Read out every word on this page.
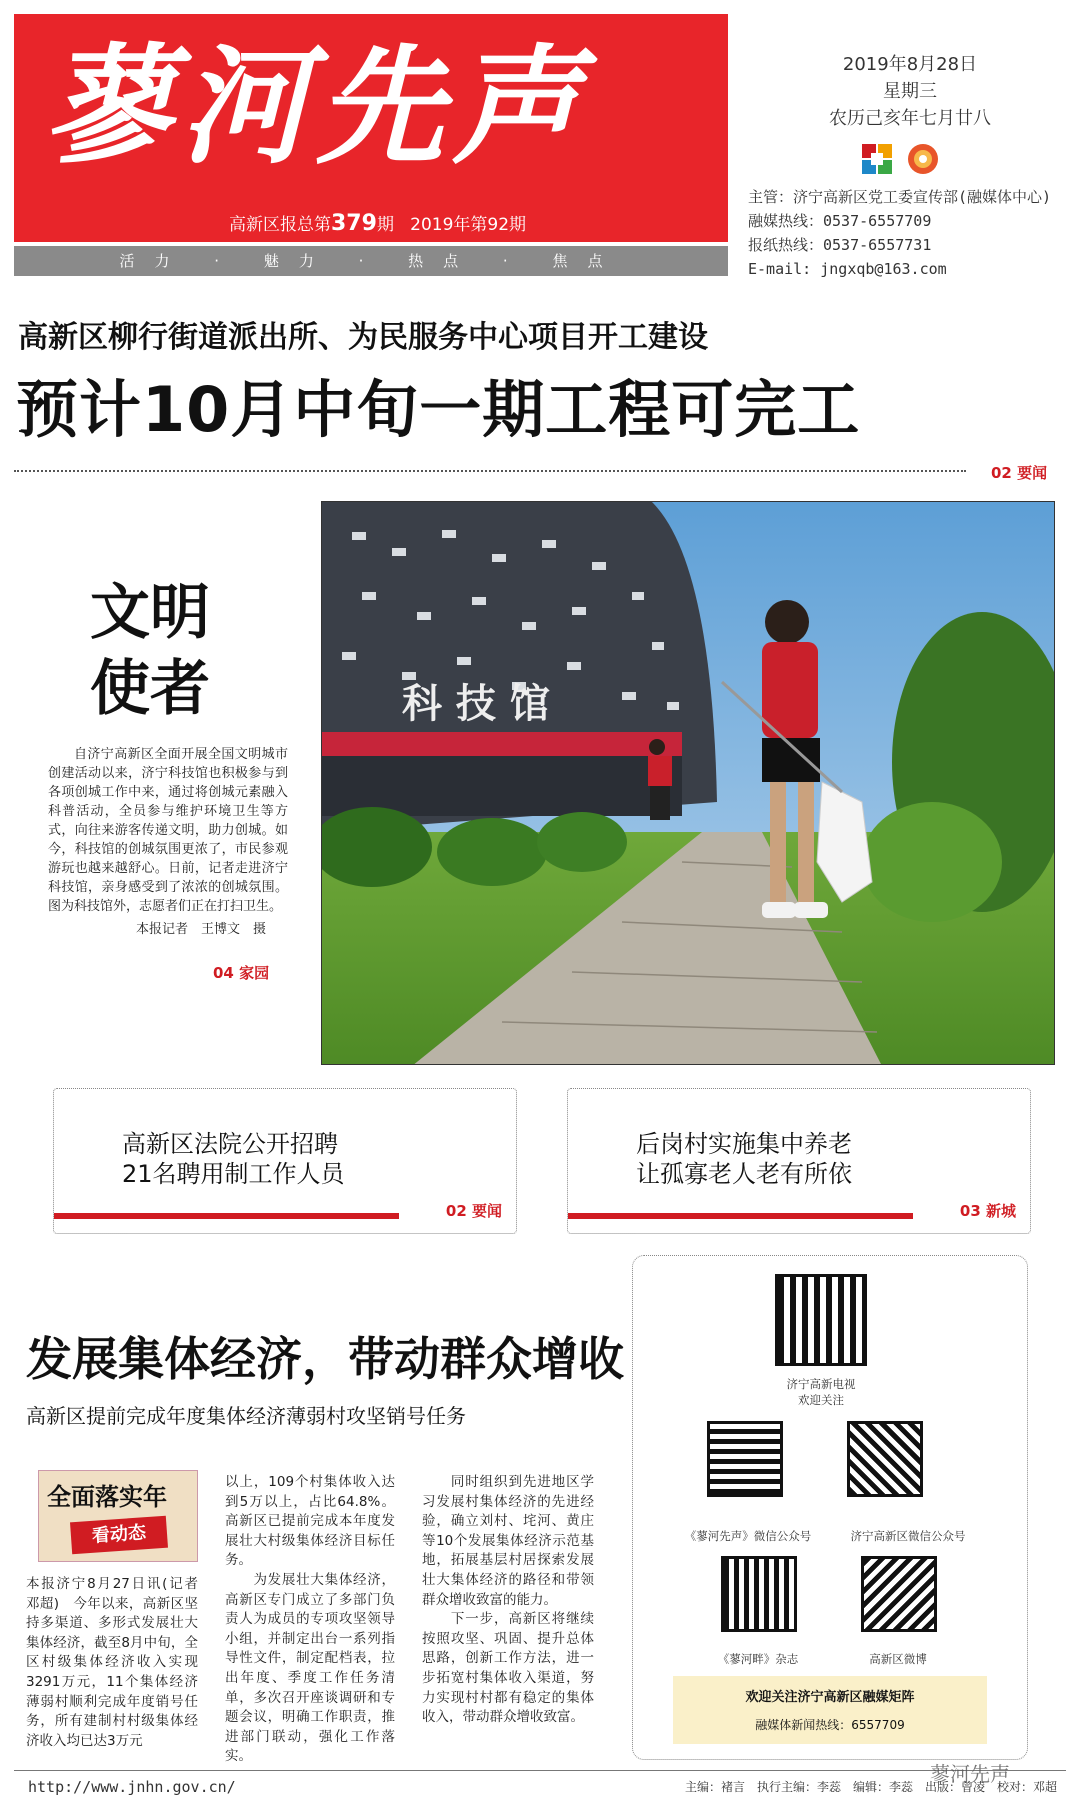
蓼河先声
高新区报总第379期 2019年第92期
活力 · 魅力 · 热点 · 焦点
2019年8月28日
星期三
农历己亥年七月廿八
主管：济宁高新区党工委宣传部(融媒体中心)
融媒热线：0537-6557709
报纸热线：0537-6557731
E-mail: jngxqb@163.com
高新区柳行街道派出所、为民服务中心项目开工建设
预计10月中旬一期工程可完工
02 要闻
文明
使者
自济宁高新区全面开展全国文明城市创建活动以来，济宁科技馆也积极参与到各项创城工作中来，通过将创城元素融入科普活动，全员参与维护环境卫生等方式，向往来游客传递文明，助力创城。如今，科技馆的创城氛围更浓了，市民参观游玩也越来越舒心。日前，记者走进济宁科技馆，亲身感受到了浓浓的创城氛围。图为科技馆外，志愿者们正在打扫卫生。
本报记者　王博文　摄
04 家园
科 技 馆
高新区法院公开招聘
21名聘用制工作人员
02 要闻
后岗村实施集中养老
让孤寡老人老有所依
03 新城
发展集体经济，带动群众增收
高新区提前完成年度集体经济薄弱村攻坚销号任务
全面落实年
看动态
本报济宁8月27日讯(记者　邓超)　今年以来，高新区坚持多渠道、多形式发展壮大集体经济，截至8月中旬，全区村级集体经济收入实现3291万元，11个集体经济薄弱村顺利完成年度销号任务，所有建制村村级集体经济收入均已达3万元
以上，109个村集体收入达到5万以上，占比64.8%。高新区已提前完成本年度发展壮大村级集体经济目标任务。
　　为发展壮大集体经济，高新区专门成立了多部门负责人为成员的专项攻坚领导小组，并制定出台一系列指导性文件，制定配档表，拉出年度、季度工作任务清单，多次召开座谈调研和专题会议，明确工作职责，推进部门联动，强化工作落实。
　　同时组织到先进地区学习发展村集体经济的先进经验，确立刘村、垞河、黄庄等10个发展集体经济示范基地，拓展基层村居探索发展壮大集体经济的路径和带领群众增收致富的能力。
　　下一步，高新区将继续按照攻坚、巩固、提升总体思路，创新工作方法，进一步拓宽村集体收入渠道，努力实现村村都有稳定的集体收入，带动群众增收致富。
济宁高新电视
欢迎关注
《蓼河先声》微信公众号	济宁高新区微信公众号
《蓼河畔》杂志	高新区微博
欢迎关注济宁高新区融媒矩阵
融媒体新闻热线：6557709
http://www.jnhn.gov.cn/	主编：褚言　执行主编：李蕊　编辑：李蕊　出版：曾凌　校对：邓超
蓼河先声
